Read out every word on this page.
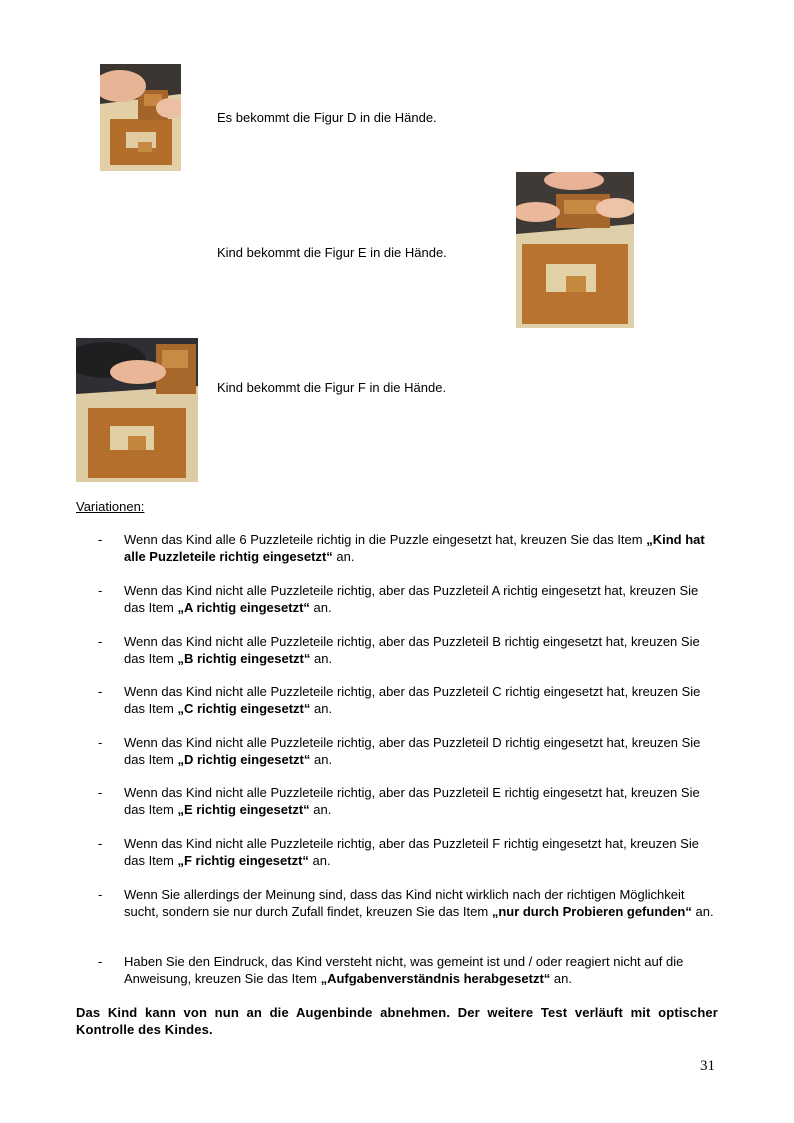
Es bekommt die Figur D in die Hände.
Kind bekommt die Figur E in die Hände.
Kind bekommt die Figur F in die Hände.
Variationen:
- Wenn das Kind alle 6 Puzzleteile richtig in die Puzzle eingesetzt hat, kreuzen Sie das Item „Kind hat alle Puzzleteile richtig eingesetzt“ an.
- Wenn das Kind nicht alle Puzzleteile richtig, aber das Puzzleteil A richtig eingesetzt hat, kreuzen Sie das Item „A richtig eingesetzt“ an.
- Wenn das Kind nicht alle Puzzleteile richtig, aber das Puzzleteil B richtig eingesetzt hat, kreuzen Sie das Item „B richtig eingesetzt“ an.
- Wenn das Kind nicht alle Puzzleteile richtig, aber das Puzzleteil C richtig eingesetzt hat, kreuzen Sie das Item „C richtig eingesetzt“ an.
- Wenn das Kind nicht alle Puzzleteile richtig, aber das Puzzleteil D richtig eingesetzt hat, kreuzen Sie das Item „D richtig eingesetzt“ an.
- Wenn das Kind nicht alle Puzzleteile richtig, aber das Puzzleteil E richtig eingesetzt hat, kreuzen Sie das Item „E richtig eingesetzt“ an.
- Wenn das Kind nicht alle Puzzleteile richtig, aber das Puzzleteil F richtig eingesetzt hat, kreuzen Sie das Item „F richtig eingesetzt“ an.
- Wenn Sie allerdings der Meinung sind, dass das Kind nicht wirklich nach der richtigen Möglichkeit sucht, sondern sie nur durch Zufall findet, kreuzen Sie das Item „nur durch Probieren gefunden“ an.
- Haben Sie den Eindruck, das Kind versteht nicht, was gemeint ist und / oder reagiert nicht auf die Anweisung, kreuzen Sie das Item „Aufgabenverständnis herabgesetzt“ an.
Das Kind kann von nun an die Augenbinde abnehmen. Der weitere Test verläuft mit optischer Kontrolle des Kindes.
31
